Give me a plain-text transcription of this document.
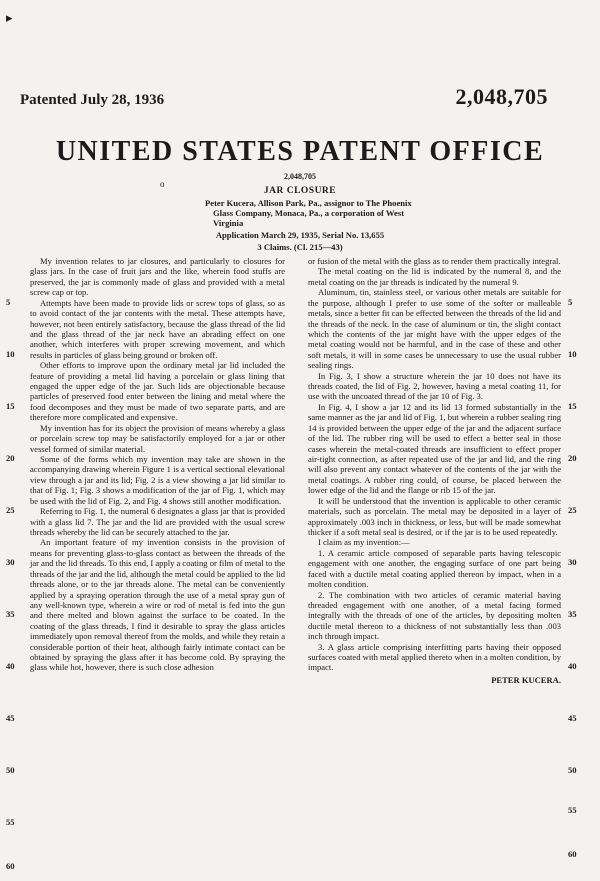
▸
Patented July 28, 1936	2,048,705
UNITED STATES PATENT OFFICE
2,048,705
o
JAR CLOSURE
Peter Kucera, Allison Park, Pa., assignor to The Phoenix Glass Company, Monaca, Pa., a corporation of West Virginia
Application March 29, 1935, Serial No. 13,655
3 Claims. (Cl. 215—43)

My invention relates to jar closures, and particularly to closures for glass jars. In the case of fruit jars and the like, wherein food stuffs are preserved, the jar is commonly made of glass and provided with a metal screw cap or top.

Attempts have been made to provide lids or screw tops of glass, so as to avoid contact of the jar contents with the metal. These attempts have, however, not been entirely satisfactory, because the glass thread of the lid and the glass thread of the jar neck have an abrading effect on one another, which interferes with proper screwing movement, and which results in particles of glass being ground or broken off.

Other efforts to improve upon the ordinary metal jar lid included the feature of providing a metal lid having a porcelain or glass lining that engaged the upper edge of the jar. Such lids are objectionable because particles of preserved food enter between the lining and metal where the food decomposes and they must be made of two separate parts, and are therefore more complicated and expensive.

My invention has for its object the provision of means whereby a glass or porcelain screw top may be satisfactorily employed for a jar or other vessel formed of similar material.

Some of the forms which my invention may take are shown in the accompanying drawing wherein Figure 1 is a vertical sectional elevational view through a jar and its lid; Fig. 2 is a view showing a jar lid similar to that of Fig. 1; Fig. 3 shows a modification of the jar of Fig. 1, which may be used with the lid of Fig. 2, and Fig. 4 shows still another modification.

Referring to Fig. 1, the numeral 6 designates a glass jar that is provided with a glass lid 7. The jar and the lid are provided with the usual screw threads whereby the lid can be securely attached to the jar.

An important feature of my invention consists in the provision of means for preventing glass-to-glass contact as between the threads of the jar and the lid threads. To this end, I apply a coating or film of metal to the threads of the jar and the lid, although the metal could be applied to the lid threads alone, or to the jar threads alone. The metal can be conveniently applied by a spraying operation through the use of a metal spray gun of any well-known type, wherein a wire or rod of metal is fed into the gun and there melted and blown against the surface to be coated. In the coating of the glass threads, I find it desirable to spray the glass articles immediately upon removal thereof from the molds, and while they retain a considerable portion of their heat, although fairly intimate contact can be obtained by spraying the glass after it has become cold. By spraying the glass while hot, however, there is such close adhesion

or fusion of the metal with the glass as to render them practically integral.

The metal coating on the lid is indicated by the numeral 8, and the metal coating on the jar threads is indicated by the numeral 9.

Aluminum, tin, stainless steel, or various other metals are suitable for the purpose, although I prefer to use some of the softer or malleable metals, since a better fit can be effected between the threads of the lid and the threads of the neck. In the case of aluminum or tin, the slight contact which the contents of the jar might have with the upper edges of the metal coating would not be harmful, and in the case of these and other soft metals, it will in some cases be unnecessary to use the usual rubber sealing rings.

In Fig. 3, I show a structure wherein the jar 10 does not have its threads coated, the lid of Fig. 2, however, having a metal coating 11, for use with the uncoated thread of the jar 10 of Fig. 3.

In Fig. 4, I show a jar 12 and its lid 13 formed substantially in the same manner as the jar and lid of Fig. 1, but wherein a rubber sealing ring 14 is provided between the upper edge of the jar and the adjacent surface of the lid. The rubber ring will be used to effect a better seal in those cases wherein the metal-coated threads are insufficient to effect proper air-tight connection, as after repeated use of the jar and lid, and the ring will also prevent any contact whatever of the contents of the jar with the metal coatings. A rubber ring could, of course, be placed between the lower edge of the lid and the flange or rib 15 of the jar.

It will be understood that the invention is applicable to other ceramic materials, such as porcelain. The metal may be deposited in a layer of approximately .003 inch in thickness, or less, but will be made somewhat thicker if a soft metal seal is desired, or if the jar is to be used repeatedly.

I claim as my invention:—

1. A ceramic article composed of separable parts having telescopic engagement with one another, the engaging surface of one part being faced with a ductile metal coating applied thereon by impact, when in a molten condition.

2. The combination with two articles of ceramic material having threaded engagement with one another, of a metal facing formed integrally with the threads of one of the articles, by depositing molten ductile metal thereon to a thickness of not substantially less than .003 inch through impact.

3. A glass article comprising interfitting parts having their opposed surfaces coated with metal applied thereto when in a molten condition, by impact.

PETER KUCERA.

5
10
15
20
25
30
35
40
45
50
55
60
5
10
15
20
25
30
35
40
45
50
55
60
